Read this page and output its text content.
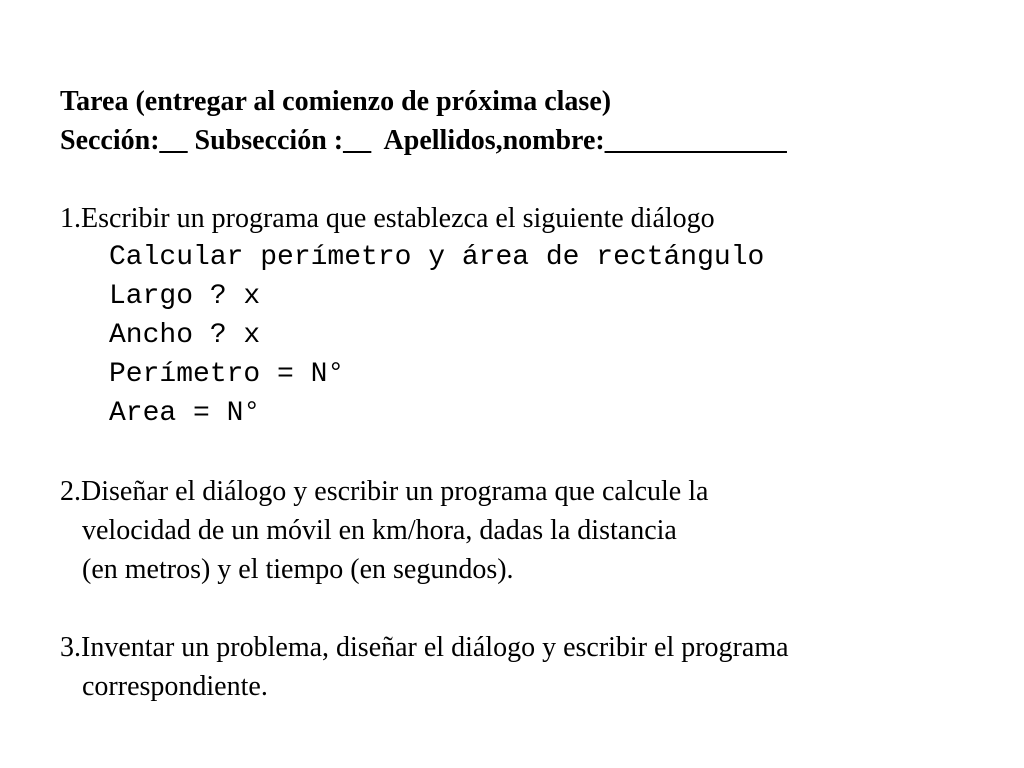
Tarea (entregar al comienzo de próxima clase)

Sección:__ Subsección :__  Apellidos,nombre:_____________

1.Escribir un programa que establezca el siguiente diálogo

Calcular perímetro y área de rectángulo

Largo ? x

Ancho ? x

Perímetro = N°

Area = N°

2.Diseñar el diálogo y escribir un programa que calcule la

velocidad de un móvil en km/hora, dadas la distancia

(en metros) y el tiempo (en segundos).

3.Inventar un problema, diseñar el diálogo y escribir el programa

correspondiente.
